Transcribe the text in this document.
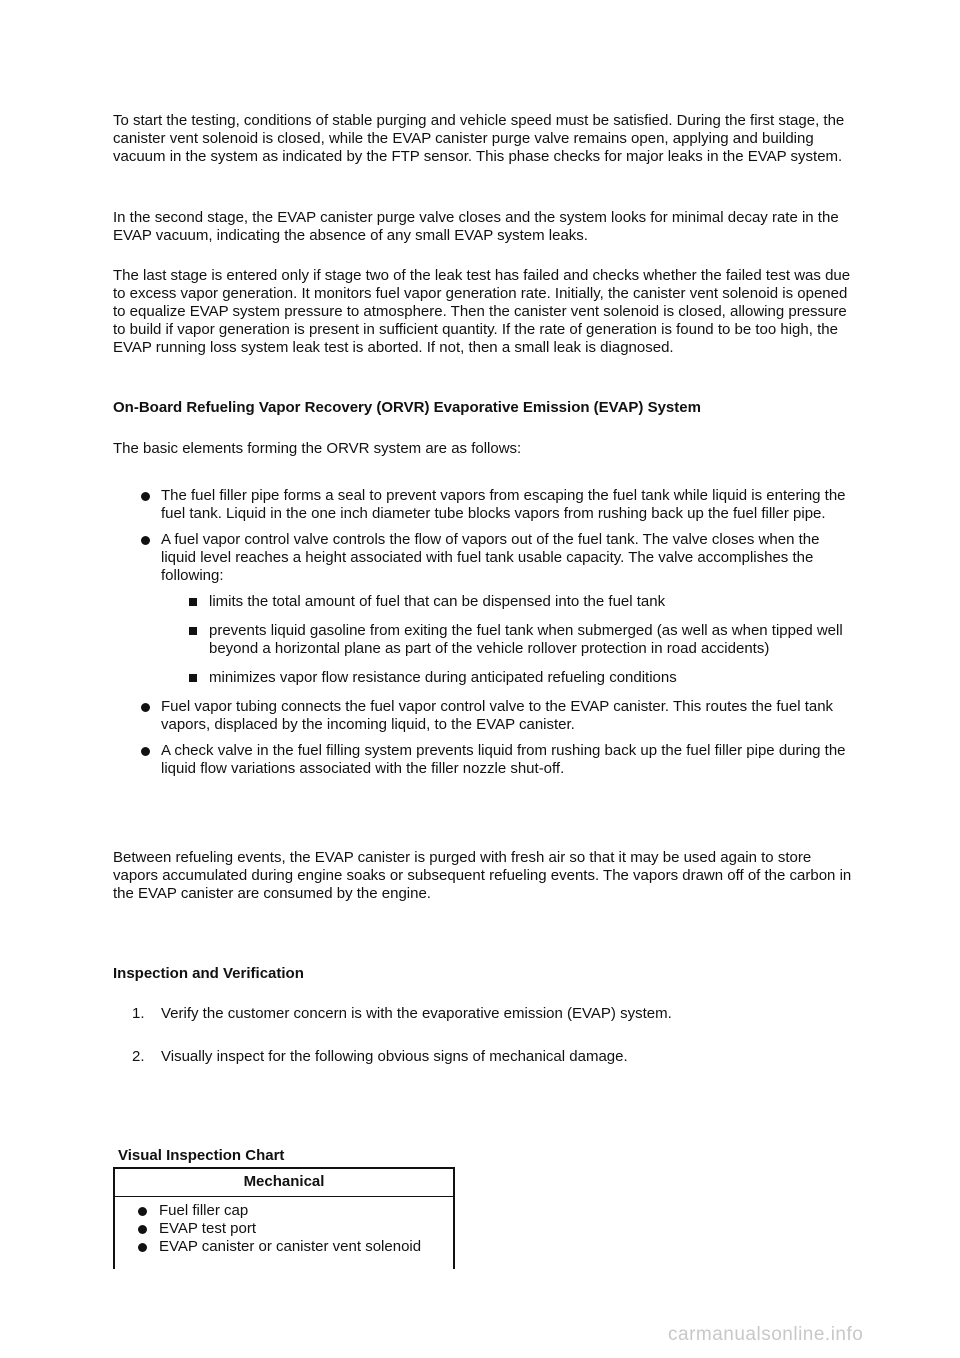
To start the testing, conditions of stable purging and vehicle speed must be satisfied. During the first stage, the canister vent solenoid is closed, while the EVAP canister purge valve remains open, applying and building vacuum in the system as indicated by the FTP sensor. This phase checks for major leaks in the EVAP system.

In the second stage, the EVAP canister purge valve closes and the system looks for minimal decay rate in the EVAP vacuum, indicating the absence of any small EVAP system leaks.

The last stage is entered only if stage two of the leak test has failed and checks whether the failed test was due to excess vapor generation. It monitors fuel vapor generation rate. Initially, the canister vent solenoid is opened to equalize EVAP system pressure to atmosphere. Then the canister vent solenoid is closed, allowing pressure to build if vapor generation is present in sufficient quantity. If the rate of generation is found to be too high, the EVAP running loss system leak test is aborted. If not, then a small leak is diagnosed.

On-Board Refueling Vapor Recovery (ORVR) Evaporative Emission (EVAP) System

The basic elements forming the ORVR system are as follows:

The fuel filler pipe forms a seal to prevent vapors from escaping the fuel tank while liquid is entering the fuel tank. Liquid in the one inch diameter tube blocks vapors from rushing back up the fuel filler pipe.
A fuel vapor control valve controls the flow of vapors out of the fuel tank. The valve closes when the liquid level reaches a height associated with fuel tank usable capacity. The valve accomplishes the following:
limits the total amount of fuel that can be dispensed into the fuel tank
prevents liquid gasoline from exiting the fuel tank when submerged (as well as when tipped well beyond a horizontal plane as part of the vehicle rollover protection in road accidents)
minimizes vapor flow resistance during anticipated refueling conditions
Fuel vapor tubing connects the fuel vapor control valve to the EVAP canister. This routes the fuel tank vapors, displaced by the incoming liquid, to the EVAP canister.
A check valve in the fuel filling system prevents liquid from rushing back up the fuel filler pipe during the liquid flow variations associated with the filler nozzle shut-off.

Between refueling events, the EVAP canister is purged with fresh air so that it may be used again to store vapors accumulated during engine soaks or subsequent refueling events. The vapors drawn off of the carbon in the EVAP canister are consumed by the engine.

Inspection and Verification

1. Verify the customer concern is with the evaporative emission (EVAP) system.
2. Visually inspect for the following obvious signs of mechanical damage.

Visual Inspection Chart

Mechanical
Fuel filler cap
EVAP test port
EVAP canister or canister vent solenoid
carmanualsonline.info
